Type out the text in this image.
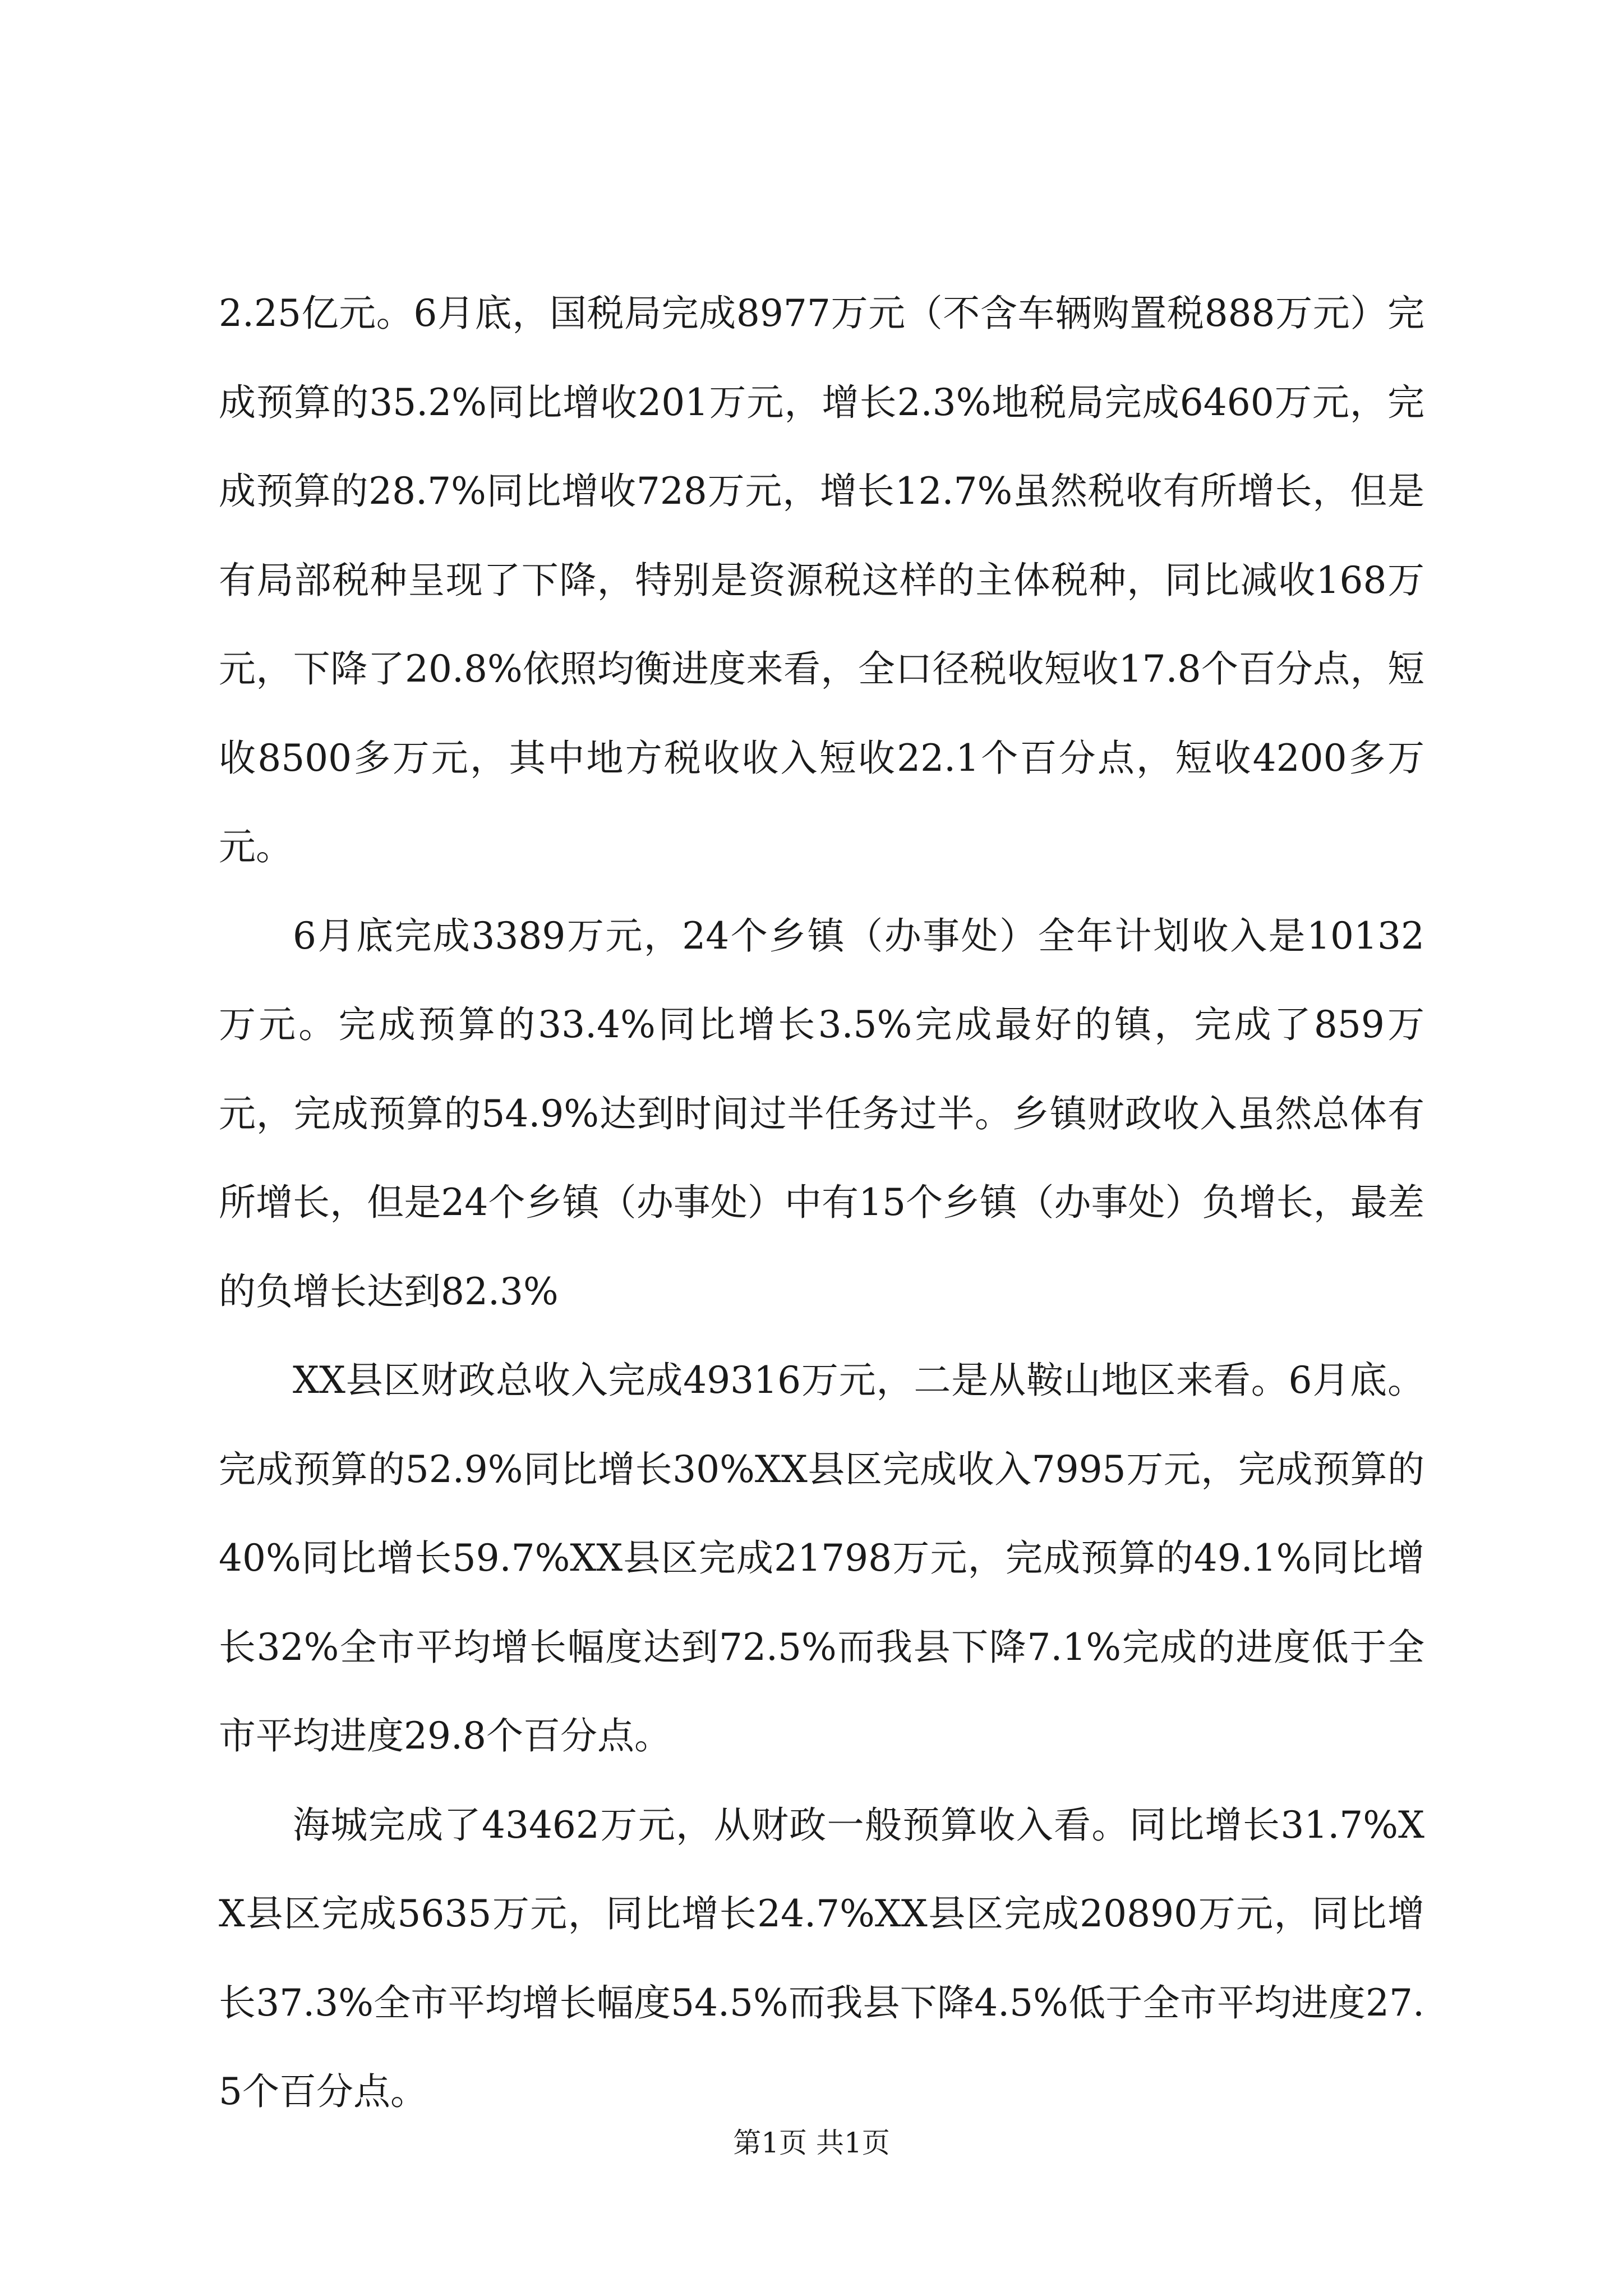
2.25亿元。6月底，国税局完成8977万元（不含车辆购置税888万元）完成预算的35.2%同比增收201万元，增长2.3%地税局完成6460万元，完成预算的28.7%同比增收728万元，增长12.7%虽然税收有所增长，但是有局部税种呈现了下降，特别是资源税这样的主体税种，同比减收168万元，下降了20.8%依照均衡进度来看，全口径税收短收17.8个百分点，短收8500多万元，其中地方税收收入短收22.1个百分点，短收4200多万元。

6月底完成3389万元，24个乡镇（办事处）全年计划收入是10132万元。完成预算的33.4%同比增长3.5%完成最好的镇，完成了859万元，完成预算的54.9%达到时间过半任务过半。乡镇财政收入虽然总体有所增长，但是24个乡镇（办事处）中有15个乡镇（办事处）负增长，最差的负增长达到82.3%

XX县区财政总收入完成49316万元，二是从鞍山地区来看。6月底。完成预算的52.9%同比增长30%XX县区完成收入7995万元，完成预算的40%同比增长59.7%XX县区完成21798万元，完成预算的49.1%同比增长32%全市平均增长幅度达到72.5%而我县下降7.1%完成的进度低于全市平均进度29.8个百分点。

海城完成了43462万元，从财政一般预算收入看。同比增长31.7%XX县区完成5635万元，同比增长24.7%XX县区完成20890万元，同比增长37.3%全市平均增长幅度54.5%而我县下降4.5%低于全市平均进度27.5个百分点。

第1页 共1页
